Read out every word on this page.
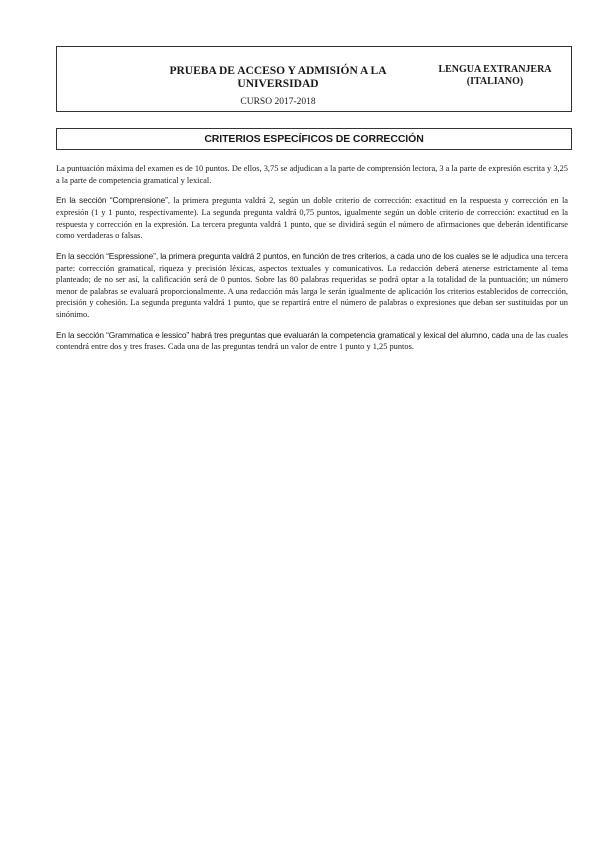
PRUEBA DE ACCESO Y ADMISIÓN A LA UNIVERSIDAD
CURSO 2017-2018
LENGUA EXTRANJERA
(ITALIANO)
CRITERIOS ESPECÍFICOS DE CORRECCIÓN

La puntuación máxima del examen es de 10 puntos. De ellos, 3,75 se adjudican a la parte de comprensión lectora, 3 a la parte de expresión escrita y 3,25 a la parte de competencia gramatical y lexical.

En la sección “Comprensione”, la primera pregunta valdrá 2, según un doble criterio de corrección: exactitud en la respuesta y corrección en la expresión (1 y 1 punto, respectivamente). La segunda pregunta valdrá 0,75 puntos, igualmente según un doble criterio de corrección: exactitud en la respuesta y corrección en la expresión. La tercera pregunta valdrá 1 punto, que se dividirá según el número de afirmaciones que deberán identificarse como verdaderas o falsas.

En la sección “Espressione”, la primera pregunta valdrá 2 puntos, en función de tres criterios, a cada uno de los cuales se le adjudica una tercera parte: corrección gramatical, riqueza y precisión léxicas, aspectos textuales y comunicativos. La redacción deberá atenerse estrictamente al tema planteado; de no ser así, la calificación será de 0 puntos. Sobre las 80 palabras requeridas se podrá optar a la totalidad de la puntuación; un número menor de palabras se evaluará proporcionalmente. A una redacción más larga le serán igualmente de aplicación los criterios establecidos de corrección, precisión y cohesión. La segunda pregunta valdrá 1 punto, que se repartirá entre el número de palabras o expresiones que deban ser sustituidas por un sinónimo.

En la sección “Grammatica e lessico” habrá tres preguntas que evaluarán la competencia gramatical y lexical del alumno, cada una de las cuales contendrá entre dos y tres frases. Cada una de las preguntas tendrá un valor de entre 1 punto y 1,25 puntos.
